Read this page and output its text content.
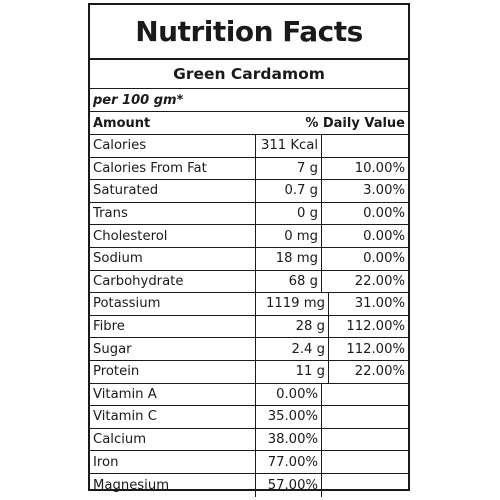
Nutrition Facts
Green Cardamom
per 100 gm*
Amount	% Daily Value
Calories	311 Kcal
Calories From Fat	7 g	10.00%
Saturated	0.7 g	3.00%
Trans	0 g	0.00%
Cholesterol	0 mg	0.00%
Sodium	18 mg	0.00%
Carbohydrate	68 g	22.00%
Potassium	1119 mg	31.00%
Fibre	28 g	112.00%
Sugar	2.4 g	112.00%
Protein	11 g	22.00%
Vitamin A	0.00%
Vitamin C	35.00%
Calcium	38.00%
Iron	77.00%
Magnesium	57.00%
